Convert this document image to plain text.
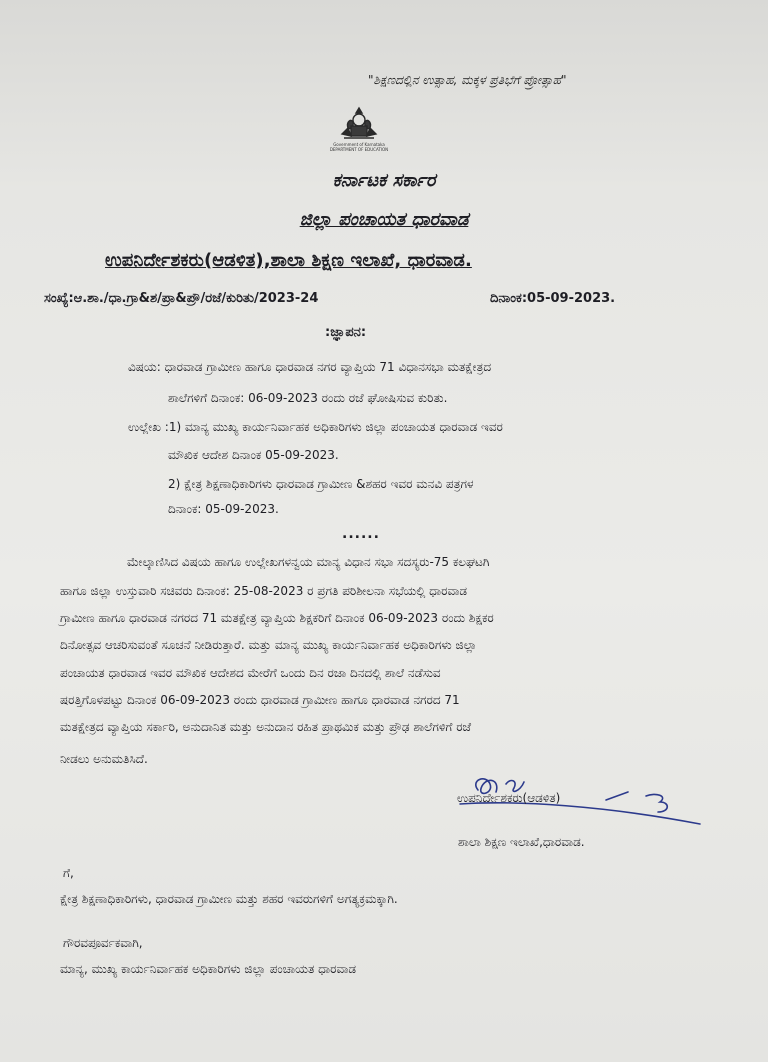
"ಶಿಕ್ಷಣದಲ್ಲಿನ ಉತ್ಸಾಹ, ಮಕ್ಕಳ ಪ್ರತಿಭೆಗೆ ಪ್ರೋತ್ಸಾಹ"
Government of Karnataka
DEPARTMENT OF EDUCATION
ಕರ್ನಾಟಕ ಸರ್ಕಾರ
ಜಿಲ್ಲಾ ಪಂಚಾಯತ ಧಾರವಾಡ
ಉಪನಿರ್ದೇಶಕರು(ಆಡಳಿತ),ಶಾಲಾ ಶಿಕ್ಷಣ ಇಲಾಖೆ, ಧಾರವಾಡ.
ಸಂಖ್ಯೆ:ಆ.ಶಾ./ಧಾ.ಗ್ರಾ&ಶ/ಪ್ರಾ&ಪ್ರೌ/ರಜೆ/ಕುರಿತು/2023-24	ದಿನಾಂಕ:05-09-2023.
:ಜ್ಞಾಪನ:
ವಿಷಯ: ಧಾರವಾಡ ಗ್ರಾಮೀಣ ಹಾಗೂ ಧಾರವಾಡ ನಗರ ವ್ಯಾಪ್ತಿಯ 71 ವಿಧಾನಸಭಾ ಮತಕ್ಷೇತ್ರದ
ಶಾಲೆಗಳಿಗೆ ದಿನಾಂಕ: 06-09-2023 ರಂದು ರಜೆ ಘೋಷಿಸುವ ಕುರಿತು.
ಉಲ್ಲೇಖ :1) ಮಾನ್ಯ ಮುಖ್ಯ ಕಾರ್ಯನಿರ್ವಾಹಕ ಅಧಿಕಾರಿಗಳು ಜಿಲ್ಲಾ ಪಂಚಾಯತ ಧಾರವಾಡ ಇವರ
ಮೌಖಿಕ ಆದೇಶ ದಿನಾಂಕ 05-09-2023.
2) ಕ್ಷೇತ್ರ ಶಿಕ್ಷಣಾಧಿಕಾರಿಗಳು ಧಾರವಾಡ ಗ್ರಾಮೀಣ &ಶಹರ ಇವರ ಮನವಿ ಪತ್ರಗಳ
ದಿನಾಂಕ: 05-09-2023.
......
ಮೇಲ್ಕಾಣಿಸಿದ ವಿಷಯ ಹಾಗೂ ಉಲ್ಲೇಖಗಳನ್ವಯ ಮಾನ್ಯ ವಿಧಾನ ಸಭಾ ಸದಸ್ಯರು-75 ಕಲಘಟಗಿ
ಹಾಗೂ ಜಿಲ್ಲಾ ಉಸ್ತುವಾರಿ ಸಚಿವರು ದಿನಾಂಕ: 25-08-2023 ರ ಪ್ರಗತಿ ಪರಿಶೀಲನಾ ಸಭೆಯಲ್ಲಿ ಧಾರವಾಡ
ಗ್ರಾಮೀಣ ಹಾಗೂ ಧಾರವಾಡ ನಗರದ 71 ಮತಕ್ಷೇತ್ರ ವ್ಯಾಪ್ತಿಯ ಶಿಕ್ಷಕರಿಗೆ ದಿನಾಂಕ 06-09-2023 ರಂದು ಶಿಕ್ಷಕರ
ದಿನೋತ್ಸವ ಆಚರಿಸುವಂತೆ ಸೂಚನೆ ನೀಡಿರುತ್ತಾರೆ. ಮತ್ತು ಮಾನ್ಯ ಮುಖ್ಯ ಕಾರ್ಯನಿರ್ವಾಹಕ ಅಧಿಕಾರಿಗಳು ಜಿಲ್ಲಾ
ಪಂಚಾಯತ ಧಾರವಾಡ ಇವರ ಮೌಖಿಕ ಆದೇಶದ ಮೇರೆಗೆ ಒಂದು ದಿನ ರಜಾ ದಿನದಲ್ಲಿ ಶಾಲೆ ನಡೆಸುವ
ಷರತ್ತಿಗೊಳಪಟ್ಟು ದಿನಾಂಕ 06-09-2023 ರಂದು ಧಾರವಾಡ ಗ್ರಾಮೀಣ ಹಾಗೂ ಧಾರವಾಡ ನಗರದ 71
ಮತಕ್ಷೇತ್ರದ ವ್ಯಾಪ್ತಿಯ ಸರ್ಕಾರಿ, ಅನುದಾನಿತ ಮತ್ತು ಅನುದಾನ ರಹಿತ ಪ್ರಾಥಮಿಕ ಮತ್ತು ಪ್ರೌಢ ಶಾಲೆಗಳಿಗೆ ರಜೆ
ನೀಡಲು ಅನುಮತಿಸಿದೆ.
ಉಪನಿರ್ದೇಶಕರು(ಆಡಳಿತ)
ಶಾಲಾ ಶಿಕ್ಷಣ ಇಲಾಖೆ,ಧಾರವಾಡ.
ಗೆ,
ಕ್ಷೇತ್ರ ಶಿಕ್ಷಣಾಧಿಕಾರಿಗಳು, ಧಾರವಾಡ ಗ್ರಾಮೀಣ ಮತ್ತು ಶಹರ ಇವರುಗಳಿಗೆ ಅಗತ್ಯಕ್ರಮಕ್ಕಾಗಿ.
ಗೌರವಪೂರ್ವಕವಾಗಿ,
ಮಾನ್ಯ, ಮುಖ್ಯ ಕಾರ್ಯನಿರ್ವಾಹಕ ಅಧಿಕಾರಿಗಳು ಜಿಲ್ಲಾ ಪಂಚಾಯತ ಧಾರವಾಡ
